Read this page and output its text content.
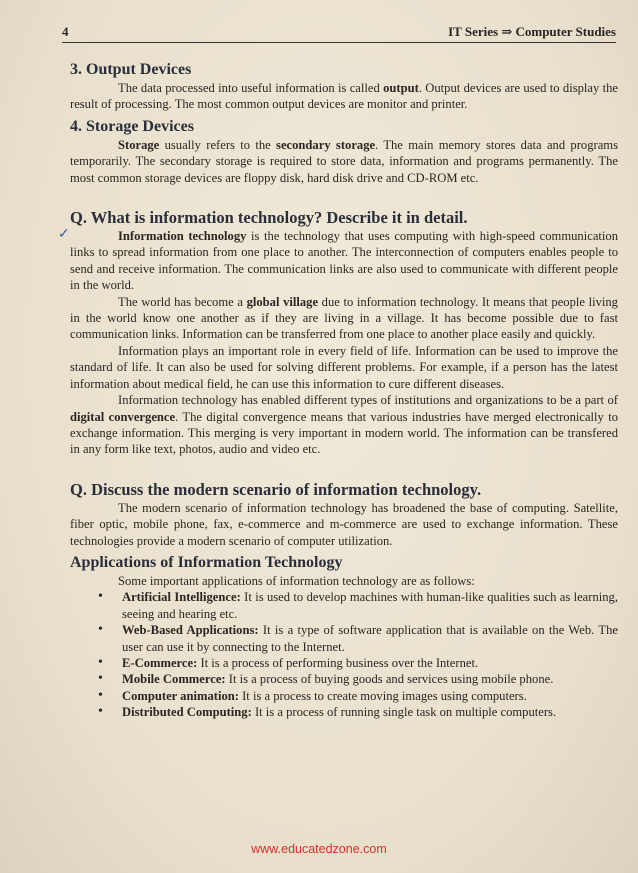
4	IT Series ⇒ Computer Studies
✓
3. Output Devices

The data processed into useful information is called output. Output devices are used to display the result of processing. The most common output devices are monitor and printer.

4. Storage Devices

Storage usually refers to the secondary storage. The main memory stores data and programs temporarily. The secondary storage is required to store data, information and programs permanently. The most common storage devices are floppy disk, hard disk drive and CD-ROM etc.

Q. What is information technology? Describe it in detail.

Information technology is the technology that uses computing with high-speed communication links to spread information from one place to another. The interconnection of computers enables people to send and receive information. The communication links are also used to communicate with different people in the world.

The world has become a global village due to information technology. It means that people living in the world know one another as if they are living in a village. It has become possible due to fast communication links. Information can be transferred from one place to another place easily and quickly.

Information plays an important role in every field of life. Information can be used to improve the standard of life. It can also be used for solving different problems. For example, if a person has the latest information about medical field, he can use this information to cure different diseases.

Information technology has enabled different types of institutions and organizations to be a part of digital convergence. The digital convergence means that various industries have merged electronically to exchange information. This merging is very important in modern world. The information can be transfered in any form like text, photos, audio and video etc.

Q. Discuss the modern scenario of information technology.

The modern scenario of information technology has broadened the base of computing. Satellite, fiber optic, mobile phone, fax, e-commerce and m-commerce are used to exchange information. These technologies provide a modern scenario of computer utilization.

Applications of Information Technology

Some important applications of information technology are as follows:

• Artificial Intelligence: It is used to develop machines with human-like qualities such as learning, seeing and hearing etc.
• Web-Based Applications: It is a type of software application that is available on the Web. The user can use it by connecting to the Internet.
• E-Commerce: It is a process of performing business over the Internet.
• Mobile Commerce: It is a process of buying goods and services using mobile phone.
• Computer animation: It is a process to create moving images using computers.
• Distributed Computing: It is a process of running single task on multiple computers.
www.educatedzone.com
